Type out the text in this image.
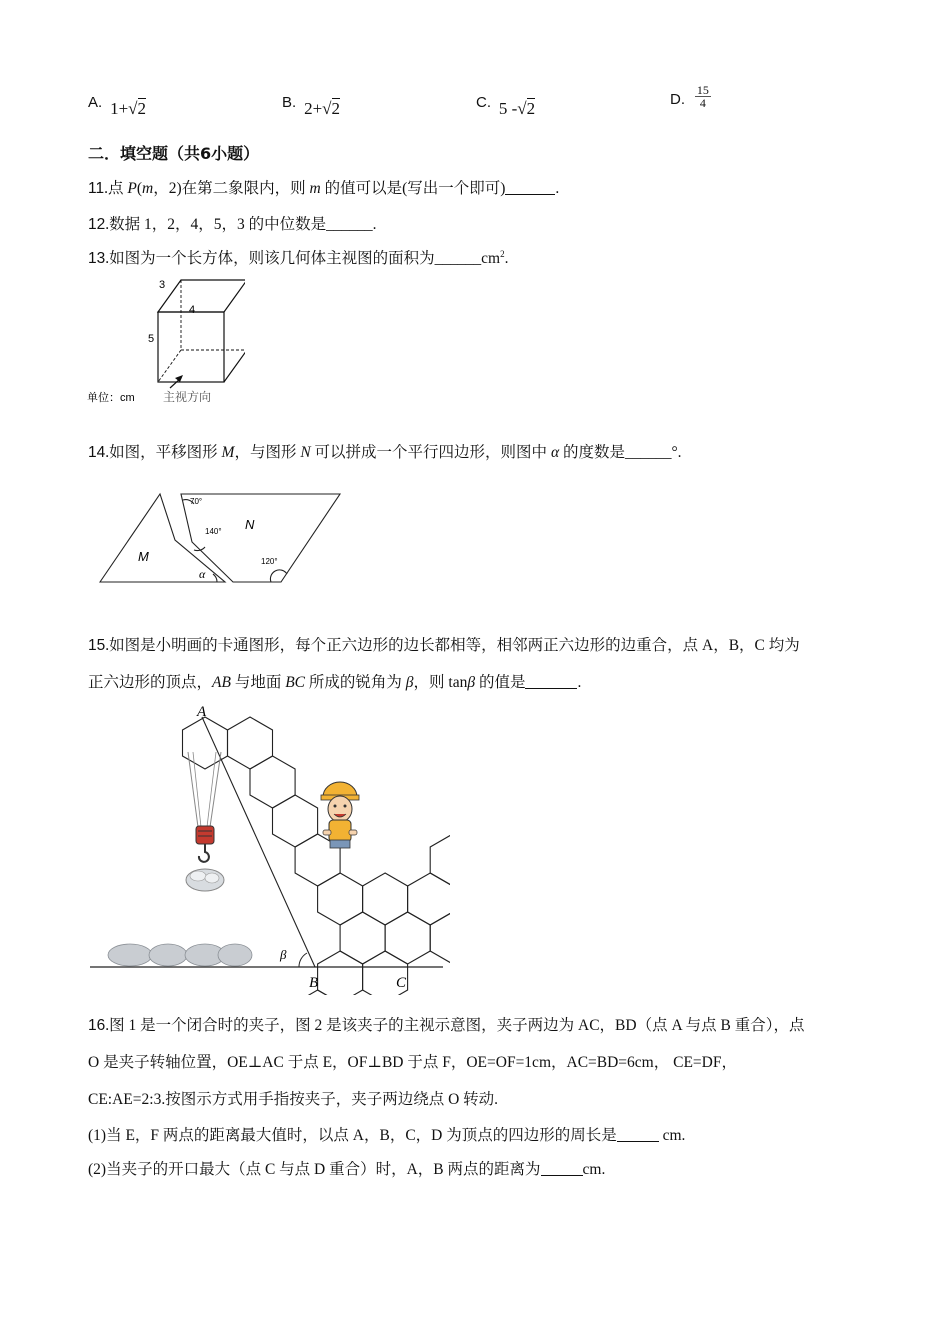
A. 1+√2	B. 2+√2	C. 5 -√2	D. $\frac{15}{4}$
二．填空题（共6小题）
11.点 P(m，2)在第二象限内，则 m 的值可以是(写出一个即可)	.
12.数据 1，2，4，5，3 的中位数是______.
13.如图为一个长方体，则该几何体主视图的面积为$\_\_\_\_\_\_cm^2$.
3
4
5
单位：cm 主视方向
14.如图，平移图形 M，与图形 N 可以拼成一个平行四边形，则图中 α 的度数是______°.
M
N
70°
140°
120°
α
15.如图是小明画的卡通图形，每个正六边形的边长都相等，相邻两正六边形的边重合，点 A，B，C 均为
正六边形的顶点，AB 与地面 BC 所成的锐角为 β，则 tanβ 的值是	.
A
B	C
β
16.图 1 是一个闭合时的夹子，图 2 是该夹子的主视示意图，夹子两边为 AC，BD（点 A 与点 B 重合），点
O 是夹子转轴位置，OE⊥AC 于点 E，OF⊥BD 于点 F，OE=OF=1cm，AC=BD=6cm， CE=DF，
CE:AE=2:3.按图示方式用手指按夹子，夹子两边绕点 O 转动.
(1)当 E，F 两点的距离最大值时，以点 A，B，C，D 为顶点的四边形的周长是	cm.
(2)当夹子的开口最大（点 C 与点 D 重合）时，A，B 两点的距离为	cm.
